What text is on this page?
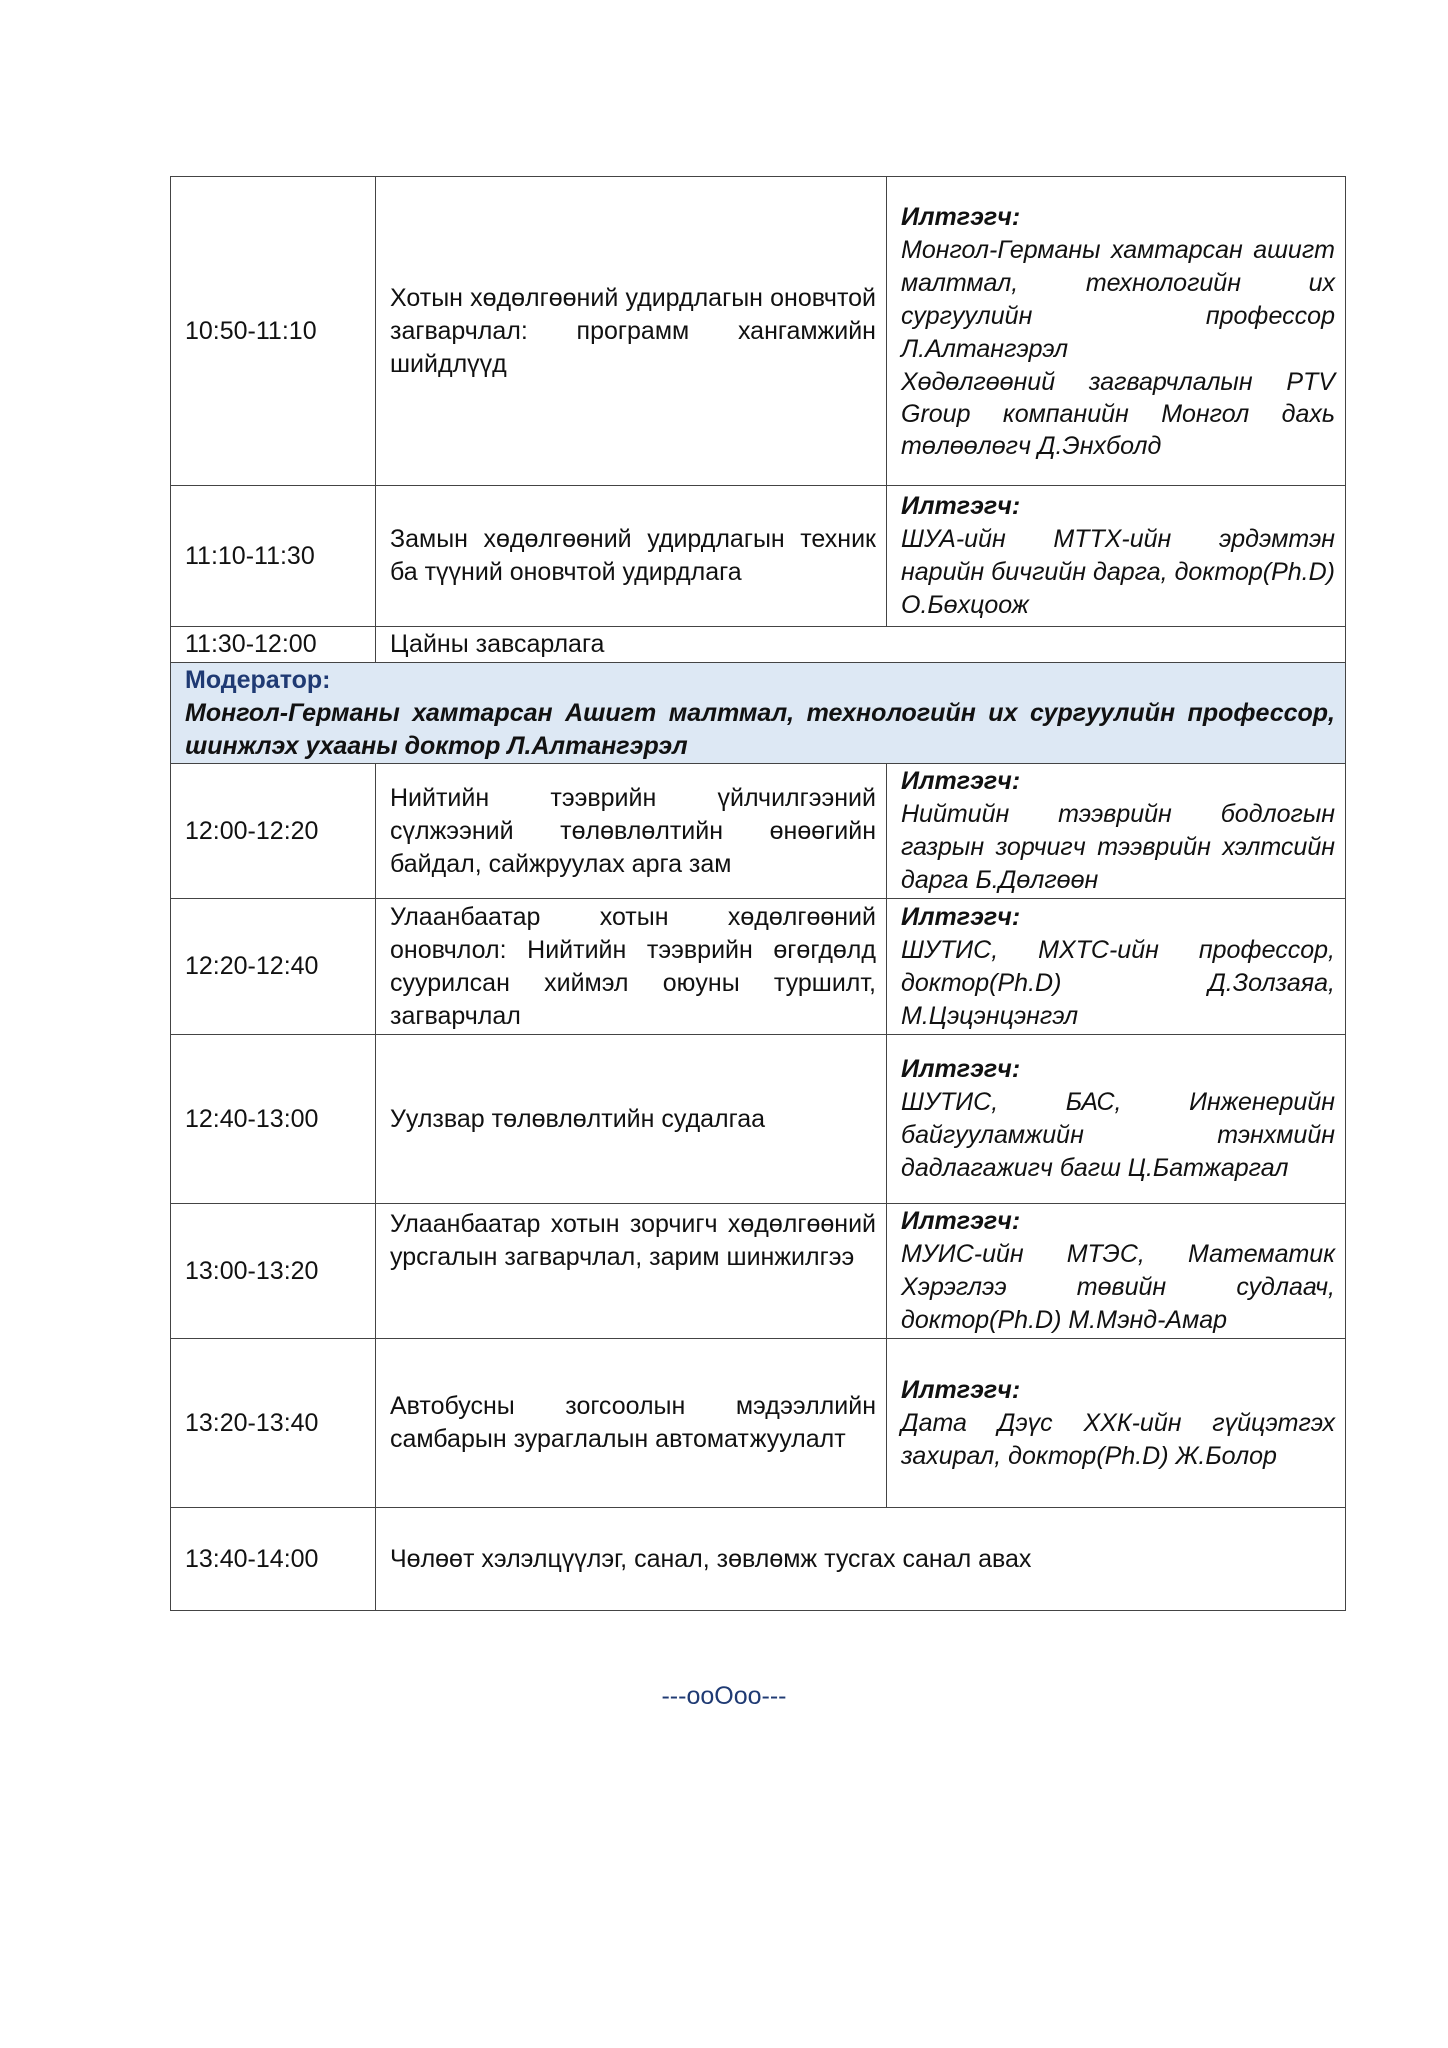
10:50-11:10	Хотын хөдөлгөөний удирдлагын оновчтой загварчлал: программ хангамжийн шийдлүүд	Илтгэгч:
Монгол-Германы хамтарсан ашигт малтмал, технологийн их сургуулийн профессор Л.Алтангэрэл
Хөдөлгөөний загварчлалын PTV Group компанийн Монгол дахь төлөөлөгч Д.Энхболд

11:10-11:30	Замын хөдөлгөөний удирдлагын техник ба түүний оновчтой удирдлага	Илтгэгч:
ШУА-ийн МТТХ-ийн эрдэмтэн нарийн бичгийн дарга, доктор(Ph.D) О.Бөхцоож

11:30-12:00	Цайны завсарлага	

Модератор:
Монгол-Германы хамтарсан Ашигт малтмал, технологийн их сургуулийн профессор, шинжлэх ухааны доктор Л.Алтангэрэл		

12:00-12:20	Нийтийн тээврийн үйлчилгээний сүлжээний төлөвлөлтийн өнөөгийн байдал, сайжруулах арга зам	Илтгэгч:
Нийтийн тээврийн бодлогын газрын зорчигч тээврийн хэлтсийн дарга Б.Дөлгөөн

12:20-12:40	Улаанбаатар хотын хөдөлгөөний оновчлол: Нийтийн тээврийн өгөгдөлд суурилсан хиймэл оюуны туршилт, загварчлал	Илтгэгч:
ШУТИС, МХТС-ийн профессор, доктор(Ph.D) Д.Золзаяа, М.Цэцэнцэнгэл

12:40-13:00	Уулзвар төлөвлөлтийн судалгаа	Илтгэгч:
ШУТИС, БАС, Инженерийн байгууламжийн тэнхмийн дадлагажигч багш Ц.Батжаргал

13:00-13:20	Улаанбаатар хотын зорчигч хөдөлгөөний урсгалын загварчлал, зарим шинжилгээ	Илтгэгч:
МУИС-ийн МТЭС, Математик Хэрэглээ төвийн судлаач, доктор(Ph.D) М.Мэнд-Амар

13:20-13:40	Автобусны зогсоолын мэдээллийн самбарын зураглалын автоматжуулалт	Илтгэгч:
Дата Дэүс ХХК-ийн гүйцэтгэх захирал, доктор(Ph.D) Ж.Болор

13:40-14:00	Чөлөөт хэлэлцүүлэг, санал, зөвлөмж тусгах санал авах	
---ooOoo---
